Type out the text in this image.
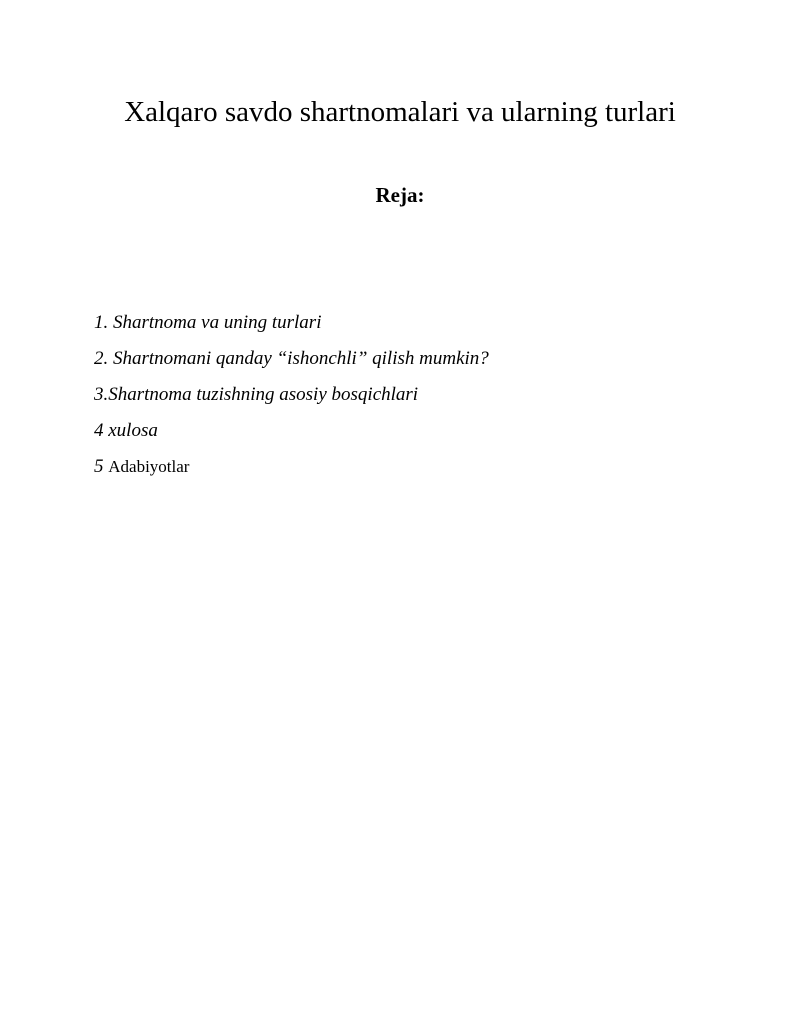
Xalqaro savdo shartnomalari va ularning turlari
Reja:
1. Shartnoma va uning turlari
2. Shartnomani qanday “ishonchli” qilish mumkin?
3.Shartnoma tuzishning asosiy bosqichlari
4 xulosa
5 Adabiyotlar
